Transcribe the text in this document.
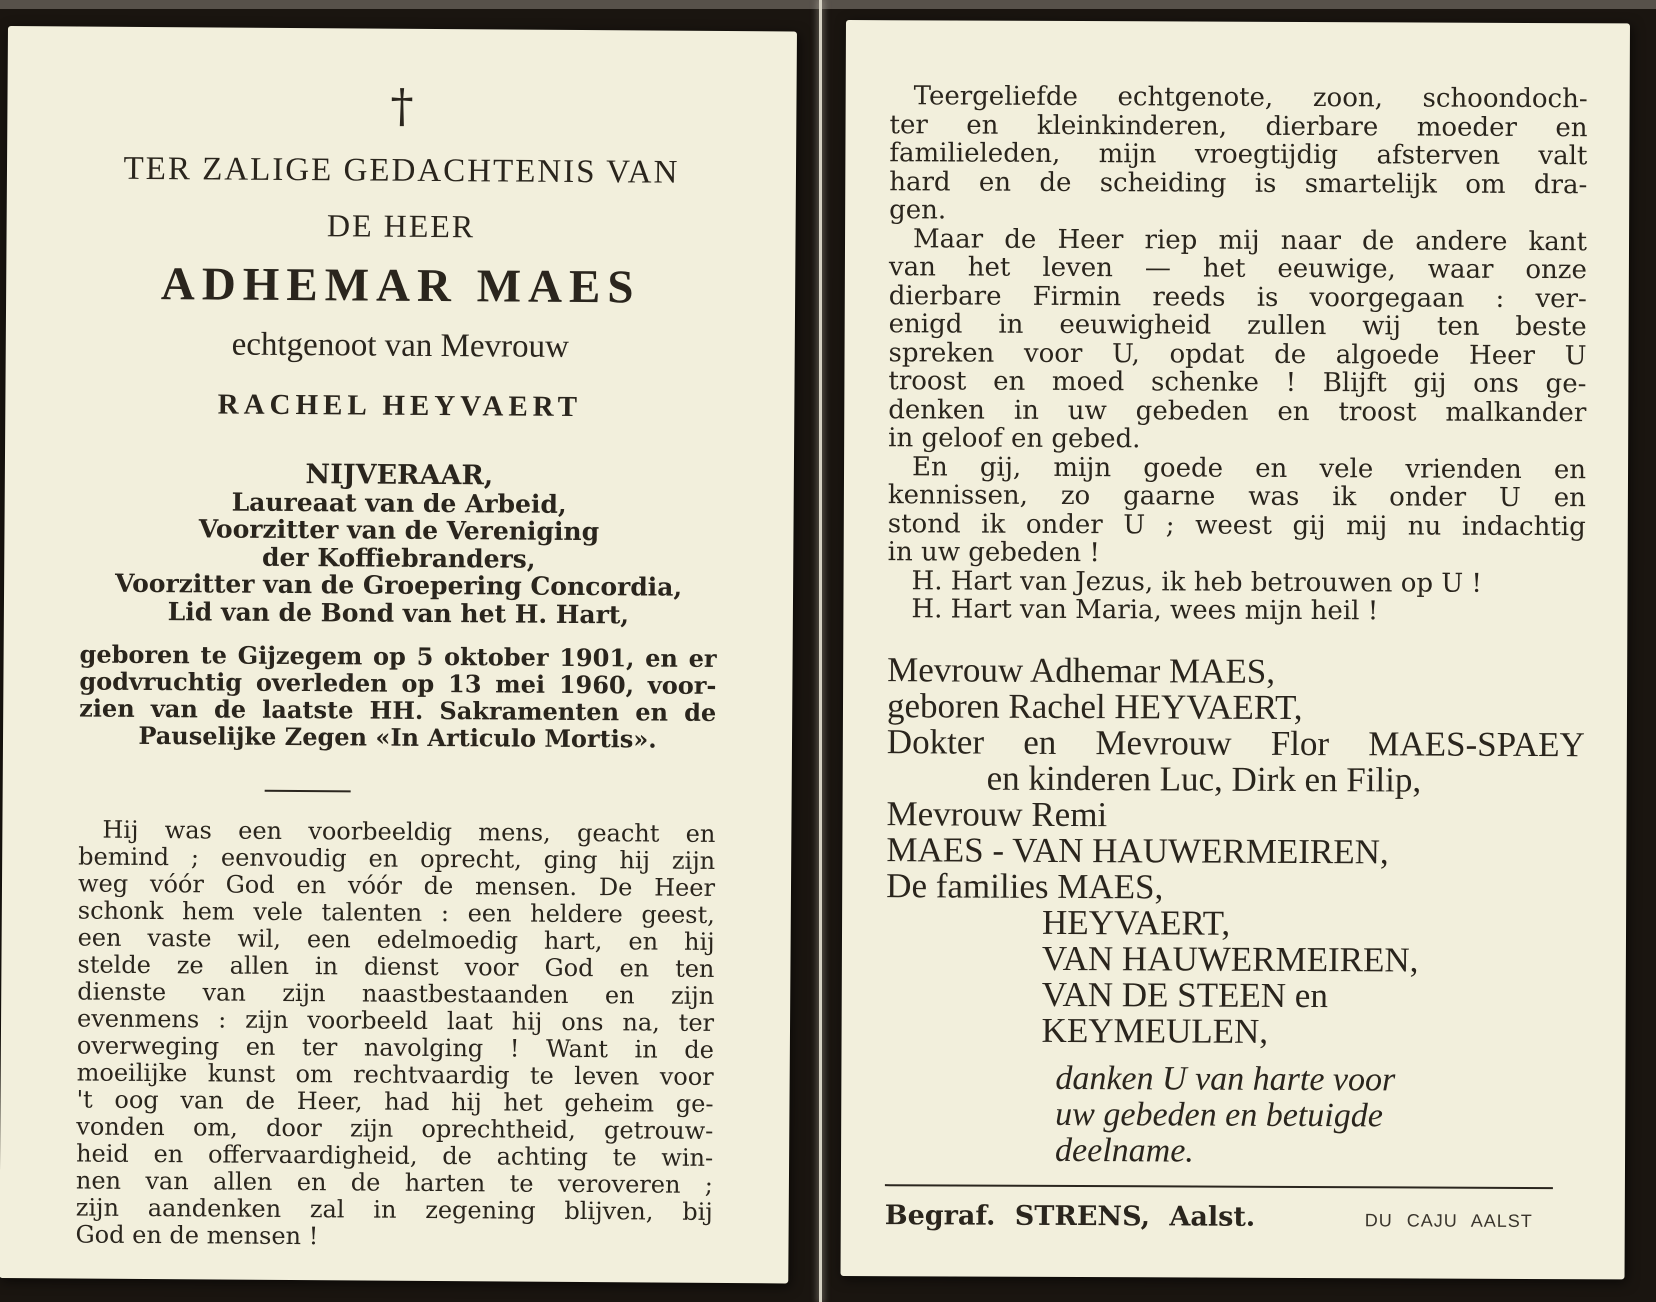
†
TER ZALIGE GEDACHTENIS VAN
DE HEER
ADHEMAR MAES
echtgenoot van Mevrouw
RACHEL HEYVAERT
NIJVERAAR,
Laureaat van de Arbeid,
Voorzitter van de Vereniging
der Koffiebranders,
Voorzitter van de Groepering Concordia,
Lid van de Bond van het H. Hart,
geboren te Gijzegem op 5 oktober 1901, en er
godvruchtig overleden op 13 mei 1960, voor-
zien van de laatste HH. Sakramenten en de
Pauselijke Zegen «In Articulo Mortis».
Hij was een voorbeeldig mens, geacht en
bemind ; eenvoudig en oprecht, ging hij zijn
weg vóór God en vóór de mensen. De Heer
schonk hem vele talenten : een heldere geest,
een vaste wil, een edelmoedig hart, en hij
stelde ze allen in dienst voor God en ten
dienste van zijn naastbestaanden en zijn
evenmens : zijn voorbeeld laat hij ons na, ter
overweging en ter navolging ! Want in de
moeilijke kunst om rechtvaardig te leven voor
't oog van de Heer, had hij het geheim ge-
vonden om, door zijn oprechtheid, getrouw-
heid en offervaardigheid, de achting te win-
nen van allen en de harten te veroveren ;
zijn aandenken zal in zegening blijven, bij
God en de mensen !
Teergeliefde echtgenote, zoon, schoondoch-
ter en kleinkinderen, dierbare moeder en
familieleden, mijn vroegtijdig afsterven valt
hard en de scheiding is smartelijk om dra-
gen.
Maar de Heer riep mij naar de andere kant
van het leven — het eeuwige, waar onze
dierbare Firmin reeds is voorgegaan : ver-
enigd in eeuwigheid zullen wij ten beste
spreken voor U, opdat de algoede Heer U
troost en moed schenke ! Blijft gij ons ge-
denken in uw gebeden en troost malkander
in geloof en gebed.
En gij, mijn goede en vele vrienden en
kennissen, zo gaarne was ik onder U en
stond ik onder U ; weest gij mij nu indachtig
in uw gebeden !
H. Hart van Jezus, ik heb betrouwen op U !
H. Hart van Maria, wees mijn heil !
Mevrouw Adhemar MAES,
geboren Rachel HEYVAERT,
Dokter en Mevrouw Flor MAES-SPAEY
en kinderen Luc, Dirk en Filip,
Mevrouw Remi
MAES - VAN HAUWERMEIREN,
De families MAES,
HEYVAERT,
VAN HAUWERMEIREN,
VAN DE STEEN en
KEYMEULEN,
danken U van harte voor
uw gebeden en betuigde
deelname.
Begraf. STRENS, Aalst.	DU CAJU AALST
